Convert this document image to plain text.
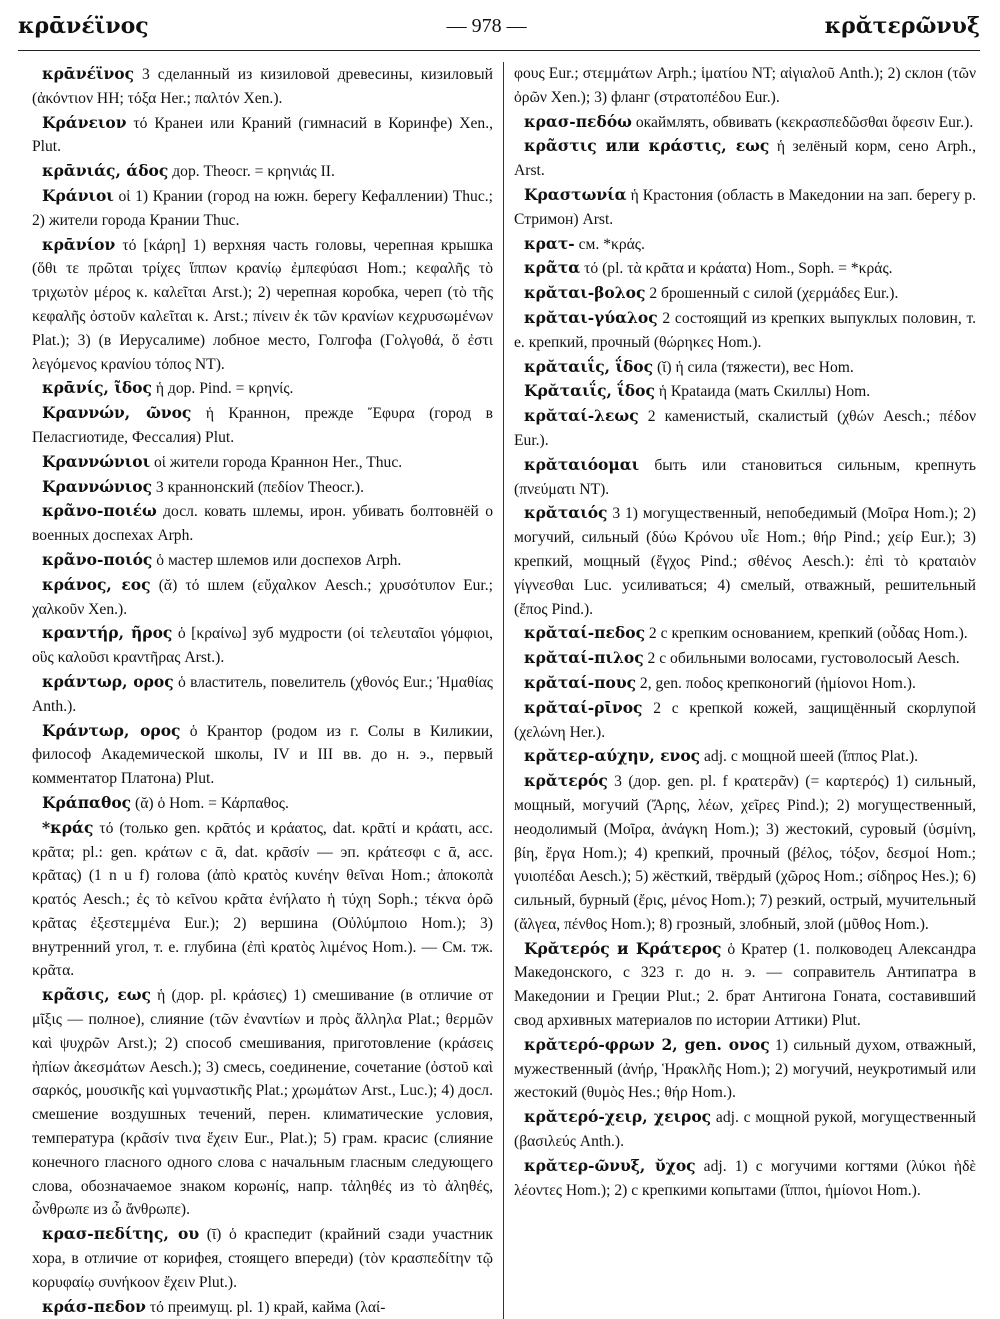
κρᾱνέϊνος	— 978 —	κρᾰτερῶνυξ

κρᾱνέϊνος 3 сделанный из кизиловой древесины, кизиловый (ἀκόντιον HH; τόξα Her.; παλτόν Xen.).

Κράνειον τό Кранеи или Краний (гимнасий в Коринфе) Xen., Plut.

κρᾱνιάς, άδος дор. Theocr. = κρηνιάς II.

Κράνιοι οἱ 1) Крании (город на южн. берегу Кефаллении) Thuc.; 2) жители города Крании Thuc.

κρᾱνίον τό [κάρη] 1) верхняя часть головы, черепная крышка (ὅθι τε πρῶται τρίχες ἵππων κρανίῳ ἐμπεφύασι Hom.; κεφαλῆς τὸ τριχωτὸν μέρος κ. καλεῖται Arst.); 2) черепная коробка, череп (τὸ τῆς κεφαλῆς ὀστοῦν καλεῖται κ. Arst.; πίνειν ἐκ τῶν κρανίων κεχρυσωμένων Plat.); 3) (в Иерусалиме) лобное место, Голгофа (Γολγοθά, ὅ ἐστι λεγόμενος κρανίου τόπος NT).

κρᾱνίς, ῖδος ἡ дор. Pind. = κρηνίς.

Κραννών, ῶνος ἡ Краннон, прежде Ἔφυρα (город в Пеласгиотиде, Фессалия) Plut.

Κραννώνιοι οἱ жители города Краннон Her., Thuc.

Κραννώνιος 3 краннонский (πεδίον Theocr.).

κρᾶνο-ποιέω досл. ковать шлемы, ирон. убивать болтовнёй о военных доспехах Arph.

κρᾶνο-ποιός ὁ мастер шлемов или доспехов Arph.

κράνος, εος (ᾰ) τό шлем (εὔχαλκον Aesch.; χρυσότυπον Eur.; χαλκοῦν Xen.).

κραντήρ, ῆρος ὁ [κραίνω] зуб мудрости (οἱ τελευταῖοι γόμφιοι, οὓς καλοῦσι κραντῆρας Arst.).

κράντωρ, ορος ὁ властитель, повелитель (χθονός Eur.; Ἠμαθίας Anth.).

Κράντωρ, ορος ὁ Крантор (родом из г. Солы в Киликии, философ Академической школы, IV и III вв. до н. э., первый комментатор Платона) Plut.

Κράπαθος (ᾰ) ὁ Hom. = Κάρπαθος.

*κράς τό (только gen. κρᾱτός и κράατος, dat. κρᾱτί и κράατι, acc. κρᾶτα; pl.: gen. κράτων с ᾱ, dat. κρᾱσίν — эп. κράτεσφι с ᾱ, acc. κρᾶτας) (1 n u f) голова (ἀπὸ κρατὸς κυνέην θεῖναι Hom.; ἀποκοπὰ κρατός Aesch.; ἐς τὸ κεῖνου κρᾶτα ἐνήλατο ἡ τύχη Soph.; τέκνα ὁρῶ κρᾶτας ἐξεστεμμένα Eur.); 2) вершина (Οὐλύμποιο Hom.); 3) внутренний угол, т. е. глубина (ἐπὶ κρατὸς λιμένος Hom.). — См. тж. κρᾶτα.

κρᾶσις, εως ἡ (дор. pl. κράσιες) 1) смешивание (в отличие от μῖξις — полное), слияние (τῶν ἐναντίων и πρὸς ἄλληλα Plat.; θερμῶν καὶ ψυχρῶν Arst.); 2) способ смешивания, приготовление (κράσεις ἠπίων ἀκεσμάτων Aesch.); 3) смесь, соединение, сочетание (ὀστοῦ καὶ σαρκός, μουσικῆς καὶ γυμναστικῆς Plat.; χρωμάτων Arst., Luc.); 4) досл. смешение воздушных течений, перен. климатические условия, температура (κρᾶσίν τινα ἔχειν Eur., Plat.); 5) грам. красис (слияние конечного гласного одного слова с начальным гласным следующего слова, обозначаемое знаком корωнίς, напр. τἀληθές из τὸ ἀληθές, ὦνθρωπε из ὦ ἄνθρωπε).

κρασ-πεδίτης, ου (ῑ) ὁ краспедит (крайний сзади участник хора, в отличие от корифея, стоящего впереди) (τὸν κρασπεδίτην τῷ κορυφαίῳ συνήκοον ἔχειν Plut.).

κράσ-πεδον τό преимущ. pl. 1) край, кайма (λαί-

φους Eur.; στεμμάτων Arph.; ἱματίου NT; αἰγιαλοῦ Anth.); 2) склон (τῶν ὀρῶν Xen.); 3) фланг (στρατοπέδου Eur.).

κρασ-πεδόω окаймлять, обвивать (κεκρασπεδῶσθαι ὄφεσιν Eur.).

κρᾶστις или κράστις, εως ἡ зелёный корм, сено Arph., Arst.

Κραστωνία ἡ Крастония (область в Македонии на зап. берегу р. Стримон) Arst.

κρατ- см. *κράς.

κρᾶτα τό (pl. τὰ κρᾶτα и κράατα) Hom., Soph. = *κράς.

κρᾰται-βολος 2 брошенный с силой (χερμάδες Eur.).

κρᾰται-γύαλος 2 состоящий из крепких выпуклых половин, т. е. крепкий, прочный (θώρηκες Hom.).

κρᾰταιΐς, ΐδος (ῐ) ἡ сила (тяжести), вес Hom.

Κρᾰταιΐς, ΐδος ἡ Крataида (мать Скиллы) Hom.

κρᾰταί-λεως 2 каменистый, скалистый (χθών Aesch.; πέδον Eur.).

κρᾰταιόομαι быть или становиться сильным, крепнуть (πνεύματι NT).

κρᾰταιός 3 1) могущественный, непобедимый (Μοῖρα Hom.); 2) могучий, сильный (δύω Κρόνου υἷε Hom.; θήρ Pind.; χείρ Eur.); 3) крепкий, мощный (ἔγχος Pind.; σθένος Aesch.): ἐπὶ τὸ κραταιὸν γίγνεσθαι Luc. усиливаться; 4) смелый, отважный, решительный (ἔπος Pind.).

κρᾰταί-πεδος 2 с крепким основанием, крепкий (οὖδας Hom.).

κρᾰταί-πιλος 2 с обильными волосами, густоволосый Aesch.

κρᾰταί-πους 2, gen. ποδος крепконогий (ἡμίονοι Hom.).

κρᾰταί-ρῑνος 2 с крепкой кожей, защищённый скорлупой (χελώνη Her.).

κρᾰτερ-αύχην, ενος adj. с мощной шеей (ἵππος Plat.).

κρᾰτερός 3 (дор. gen. pl. f κρατερᾶν) (= καρτερός) 1) сильный, мощный, могучий (Ἄρης, λέων, χεῖρες Pind.); 2) могущественный, неодолимый (Μοῖρα, ἀνάγκη Hom.); 3) жестокий, суровый (ὑσμίνη, βίη, ἔργα Hom.); 4) крепкий, прочный (βέλος, τόξον, δεσμοί Hom.; γυιοπέδαι Aesch.); 5) жёсткий, твёрдый (χῶρος Hom.; σίδηρος Hes.); 6) сильный, бурный (ἔρις, μένος Hom.); 7) резкий, острый, мучительный (ἄλγεα, πένθος Hom.); 8) грозный, злобный, злой (μῦθος Hom.).

Κρᾰτερός и Κράτερος ὁ Кратер (1. полководец Александра Македонского, с 323 г. до н. э. — соправитель Антипатра в Македонии и Греции Plut.; 2. брат Антигона Гоната, составивший свод архивных материалов по истории Аттики) Plut.

κρᾰτερό-φρων 2, gen. ονος 1) сильный духом, отважный, мужественный (ἀνήρ, Ἡρακλῆς Hom.); 2) могучий, неукротимый или жестокий (θυμὸς Hes.; θήρ Hom.).

κρᾰτερό-χειρ, χειρος adj. с мощной рукой, могущественный (βασιλεύς Anth.).

κρᾰτερ-ῶνυξ, ῠχος adj. 1) с могучими когтями (λύκοι ἠδὲ λέοντες Hom.); 2) с крепкими копытами (ἵπποι, ἡμίονοι Hom.).
